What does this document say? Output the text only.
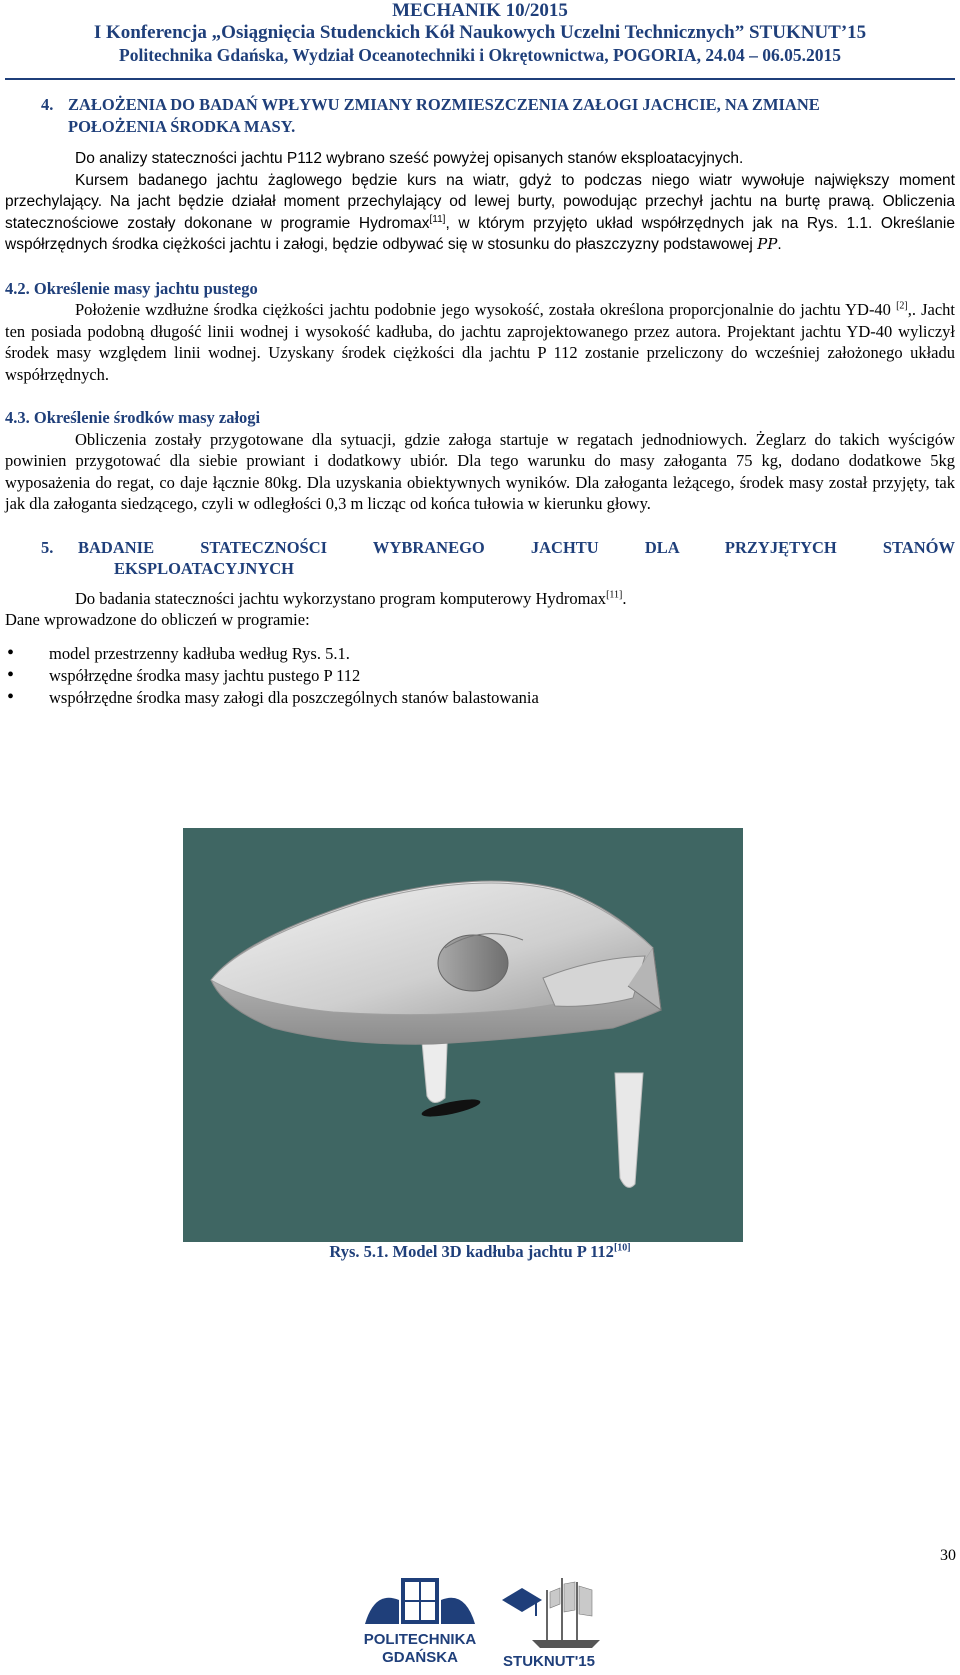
MECHANIK 10/2015
I Konferencja „Osiągnięcia Studenckich Kół Naukowych Uczelni Technicznych” STUKNUT’15
Politechnika Gdańska, Wydział Oceanotechniki i Okrętownictwa, POGORIA, 24.04 – 06.05.2015
4. ZAŁOŻENIA DO BADAŃ WPŁYWU ZMIANY ROZMIESZCZENIA ZAŁOGI JACHCIE, NA ZMIANE
POŁOŻENIA ŚRODKA MASY.

Do analizy stateczności jachtu P112 wybrano sześć powyżej opisanych stanów eksploatacyjnych.

Kursem badanego jachtu żaglowego będzie kurs na wiatr, gdyż to podczas niego wiatr wywołuje największy moment przechylający. Na jacht będzie działał moment przechylający od lewej burty, powodując przechył jachtu na burtę prawą. Obliczenia statecznościowe zostały dokonane w programie Hydromax[11], w którym przyjęto układ współrzędnych jak na Rys. 1.1. Określanie współrzędnych środka ciężkości jachtu i załogi, będzie odbywać się w stosunku do płaszczyzny podstawowej PP.

4.2. Określenie masy jachtu pustego

Położenie wzdłużne środka ciężkości jachtu podobnie jego wysokość, została określona proporcjonalnie do jachtu YD-40 [2],. Jacht ten posiada podobną długość linii wodnej i wysokość kadłuba, do jachtu zaprojektowanego przez autora. Projektant jachtu YD-40 wyliczył środek masy względem linii wodnej. Uzyskany środek ciężkości dla jachtu P 112 zostanie przeliczony do wcześniej założonego układu współrzędnych.

4.3. Określenie środków masy załogi

Obliczenia zostały przygotowane dla sytuacji, gdzie załoga startuje w regatach jednodniowych. Żeglarz do takich wyścigów powinien przygotować dla siebie prowiant i dodatkowy ubiór. Dla tego warunku do masy załoganta 75 kg, dodano dodatkowe 5kg wyposażenia do regat, co daje łącznie 80kg. Dla uzyskania obiektywnych wyników. Dla załoganta leżącego, środek masy został przyjęty, tak jak dla załoganta siedzącego, czyli w odległości 0,3 m licząc od końca tułowia w kierunku głowy.

5.	BADANIE STATECZNOŚCI WYBRANEGO JACHTU DLA PRZYJĘTYCH STANÓW
EKSPLOATACYJNYCH

Do badania stateczności jachtu wykorzystano program komputerowy Hydromax[11].

Dane wprowadzone do obliczeń w programie:

• model przestrzenny kadłuba według Rys. 5.1.
• współrzędne środka masy jachtu pustego P 112
• współrzędne środka masy załogi dla poszczególnych stanów balastowania
Rys. 5.1. Model 3D kadłuba jachtu P 112[10]
30
POLITECHNIKA
GDAŃSKA	STUKNUT'15
